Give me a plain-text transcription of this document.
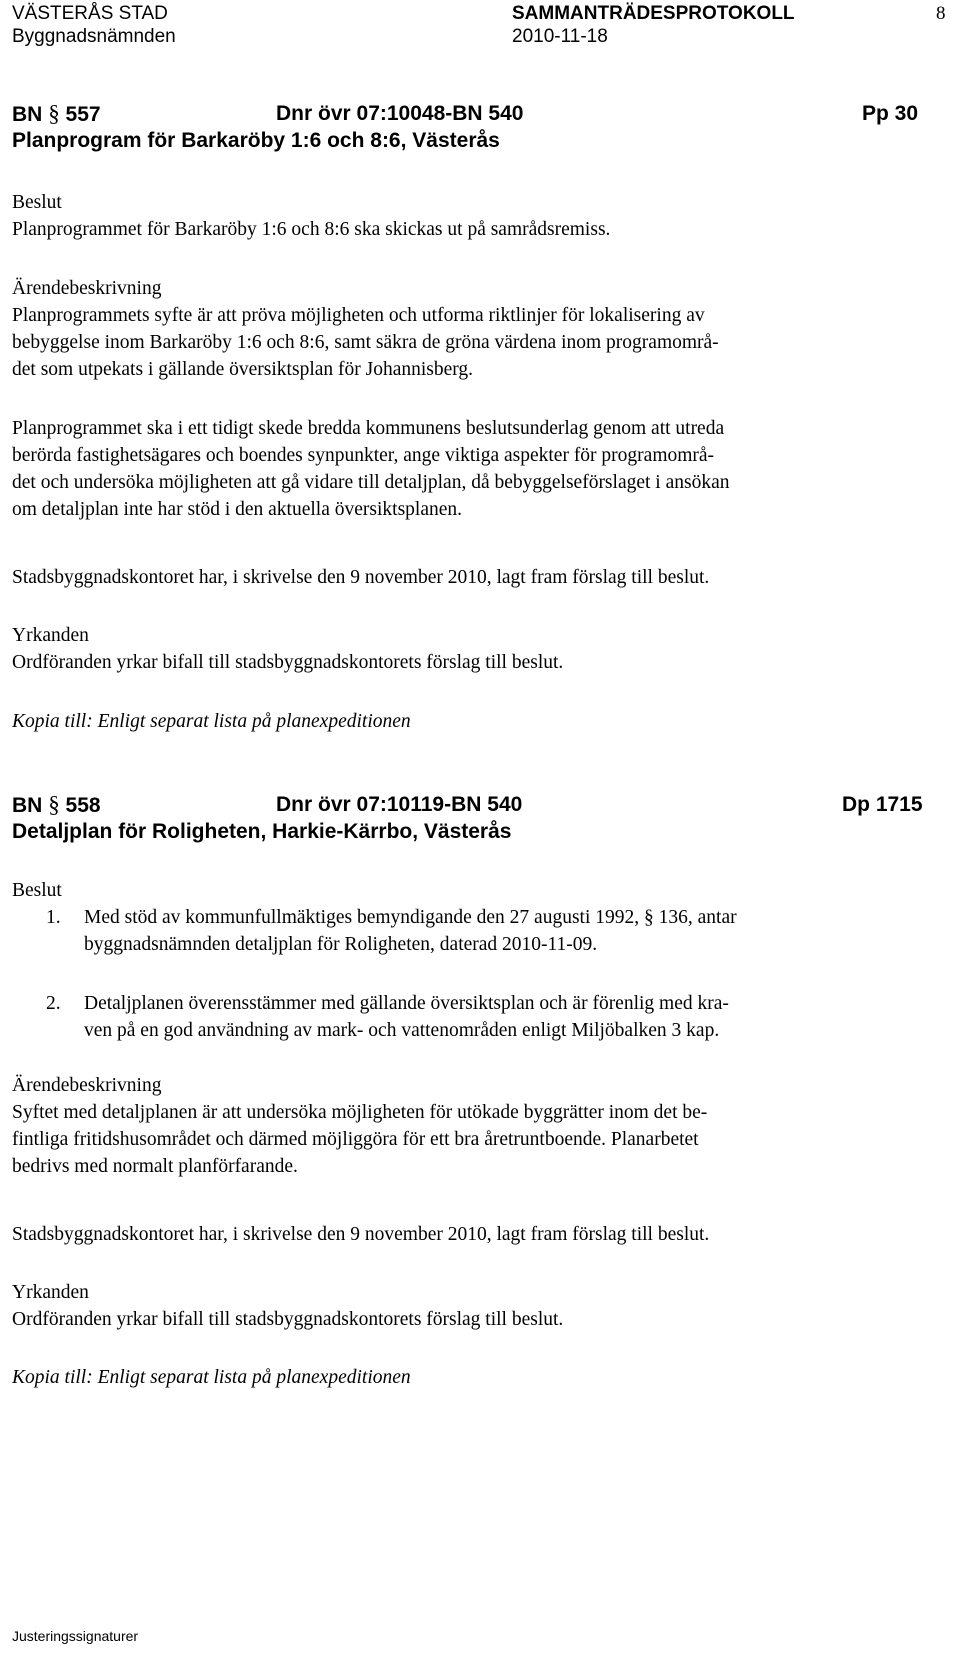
VÄSTERÅS STAD
Byggnadsnämnden
SAMMANTRÄDESPROTOKOLL
2010-11-18
8
BN § 557	Dnr övr 07:10048-BN 540	Pp 30
Planprogram för Barkaröby 1:6 och 8:6, Västerås
Beslut
Planprogrammet för Barkaröby 1:6 och 8:6 ska skickas ut på samrådsremiss.
Ärendebeskrivning
Planprogrammets syfte är att pröva möjligheten och utforma riktlinjer för lokalisering av
bebyggelse inom Barkaröby 1:6 och 8:6, samt säkra de gröna värdena inom programområ-
det som utpekats i gällande översiktsplan för Johannisberg.
Planprogrammet ska i ett tidigt skede bredda kommunens beslutsunderlag genom att utreda
berörda fastighetsägares och boendes synpunkter, ange viktiga aspekter för programområ-
det och undersöka möjligheten att gå vidare till detaljplan, då bebyggelseförslaget i ansökan
om detaljplan inte har stöd i den aktuella översiktsplanen.
Stadsbyggnadskontoret har, i skrivelse den 9 november 2010, lagt fram förslag till beslut.
Yrkanden
Ordföranden yrkar bifall till stadsbyggnadskontorets förslag till beslut.
Kopia till: Enligt separat lista på planexpeditionen
BN § 558	Dnr övr 07:10119-BN 540	Dp 1715
Detaljplan för Roligheten, Harkie-Kärrbo, Västerås
Beslut
1. Med stöd av kommunfullmäktiges bemyndigande den 27 augusti 1992, § 136, antar
byggnadsnämnden detaljplan för Roligheten, daterad 2010-11-09.
2. Detaljplanen överensstämmer med gällande översiktsplan och är förenlig med kra-
ven på en god användning av mark- och vattenområden enligt Miljöbalken 3 kap.
Ärendebeskrivning
Syftet med detaljplanen är att undersöka möjligheten för utökade byggrätter inom det be-
fintliga fritidshusområdet och därmed möjliggöra för ett bra åretruntboende. Planarbetet
bedrivs med normalt planförfarande.
Stadsbyggnadskontoret har, i skrivelse den 9 november 2010, lagt fram förslag till beslut.
Yrkanden
Ordföranden yrkar bifall till stadsbyggnadskontorets förslag till beslut.
Kopia till: Enligt separat lista på planexpeditionen
Justeringssignaturer
